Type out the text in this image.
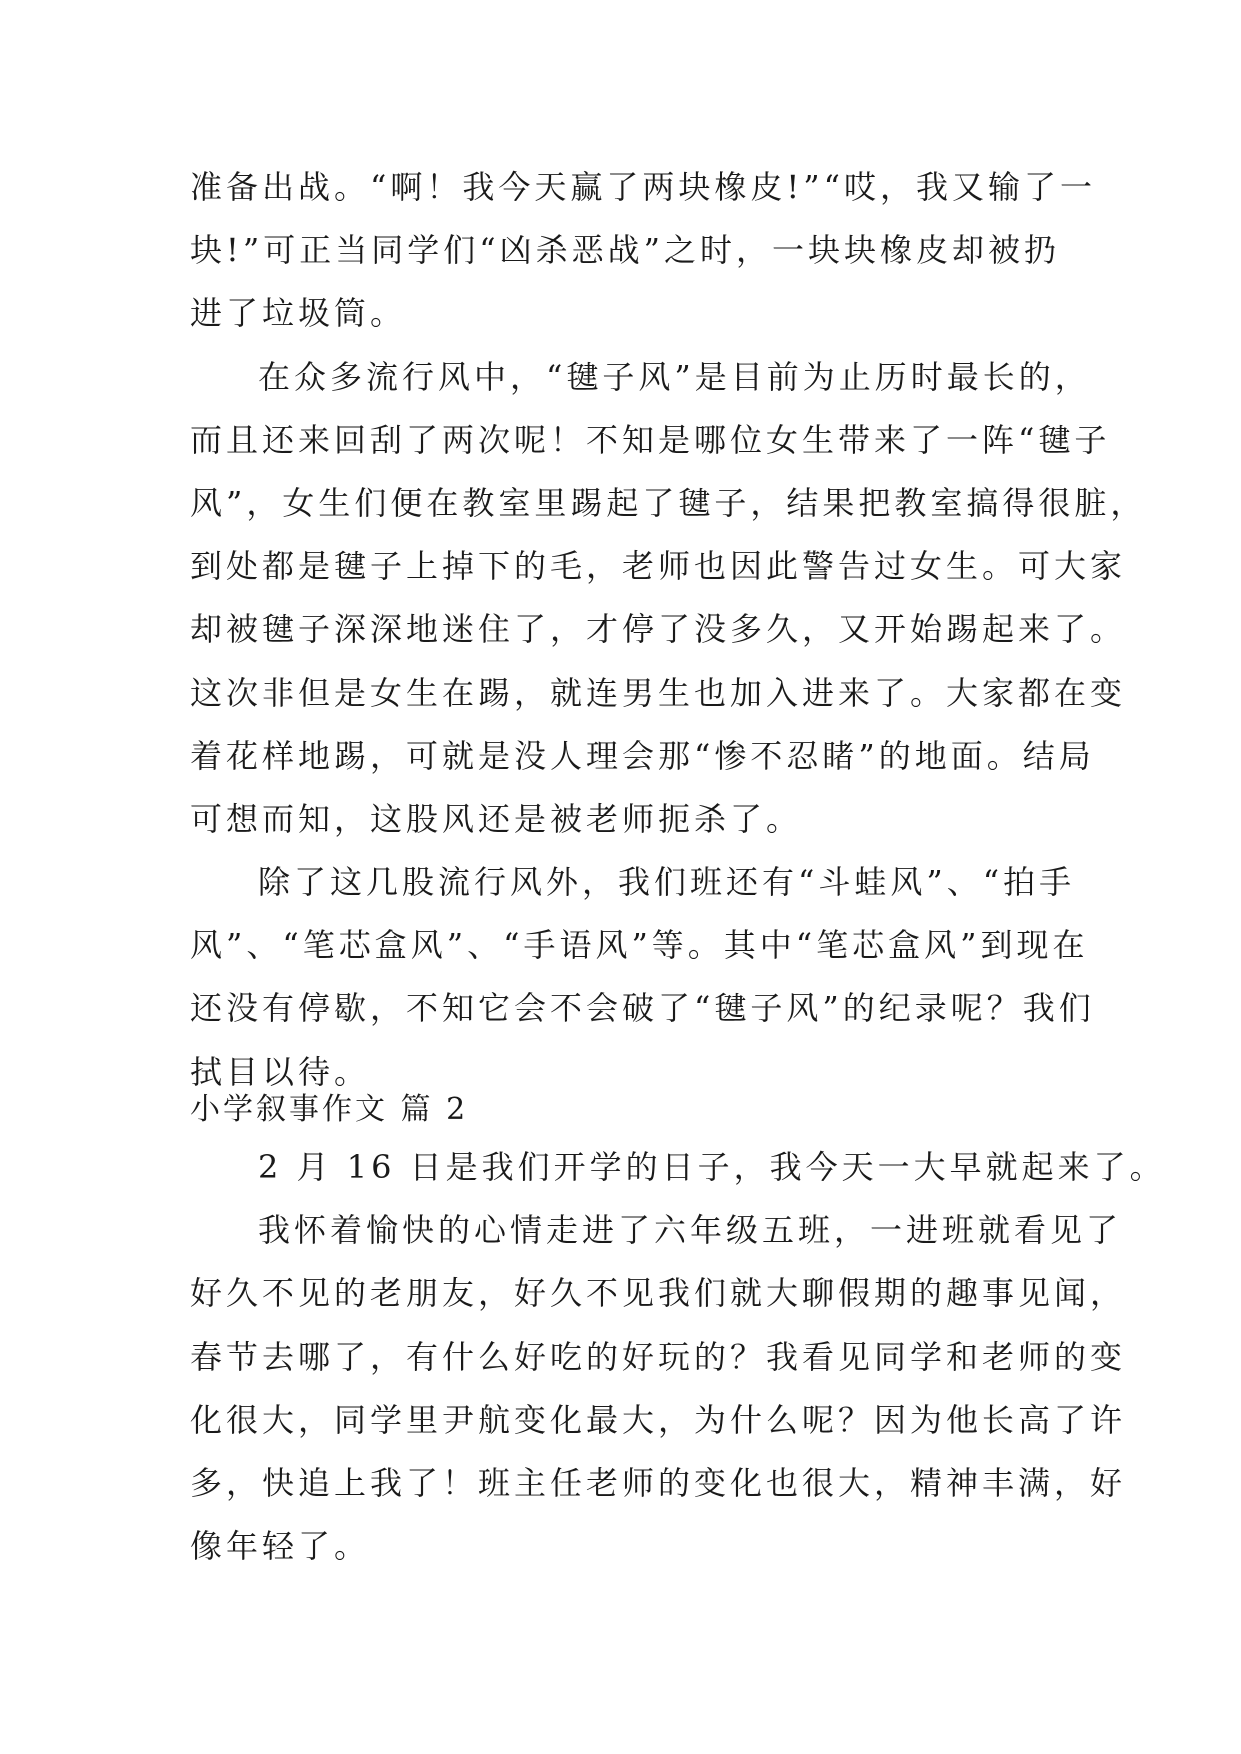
准备出战。“啊！我今天赢了两块橡皮!”“哎，我又输了一
块!”可正当同学们“凶杀恶战”之时，一块块橡皮却被扔
进了垃圾筒。
在众多流行风中，“毽子风”是目前为止历时最长的，
而且还来回刮了两次呢！不知是哪位女生带来了一阵“毽子
风”，女生们便在教室里踢起了毽子，结果把教室搞得很脏，
到处都是毽子上掉下的毛，老师也因此警告过女生。可大家
却被毽子深深地迷住了，才停了没多久，又开始踢起来了。
这次非但是女生在踢，就连男生也加入进来了。大家都在变
着花样地踢，可就是没人理会那“惨不忍睹”的地面。结局
可想而知，这股风还是被老师扼杀了。
除了这几股流行风外，我们班还有“斗蛙风”、“拍手
风”、“笔芯盒风”、“手语风”等。其中“笔芯盒风”到现在
还没有停歇，不知它会不会破了“毽子风”的纪录呢？我们
拭目以待。
小学叙事作文 篇 2
2 月 16 日是我们开学的日子，我今天一大早就起来了。
我怀着愉快的心情走进了六年级五班，一进班就看见了
好久不见的老朋友，好久不见我们就大聊假期的趣事见闻，
春节去哪了，有什么好吃的好玩的？我看见同学和老师的变
化很大，同学里尹航变化最大，为什么呢？因为他长高了许
多，快追上我了！班主任老师的变化也很大，精神丰满，好
像年轻了。
